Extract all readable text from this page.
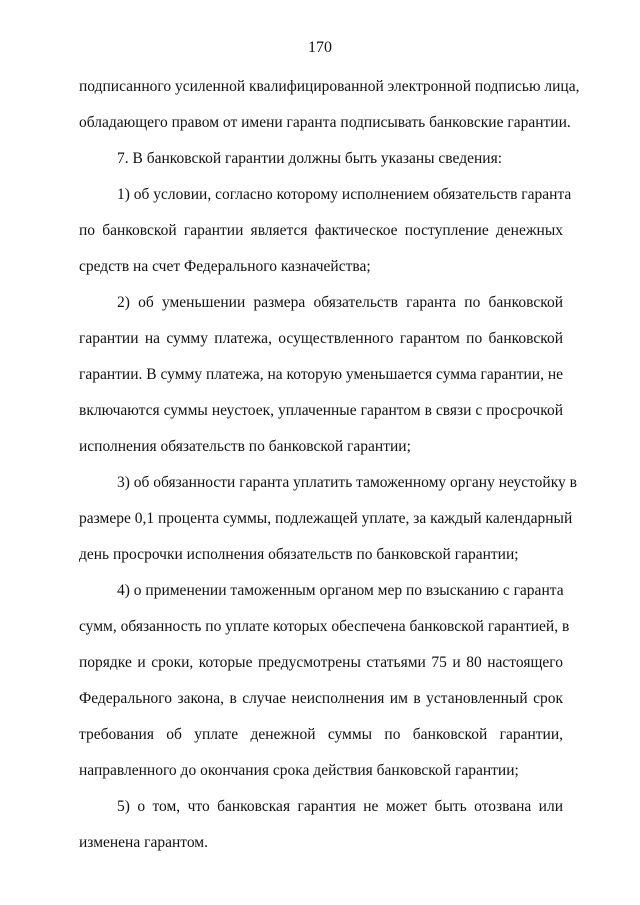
170
подписанного усиленной квалифицированной электронной подписью лица,
обладающего правом от имени гаранта подписывать банковские гарантии.
7. В банковской гарантии должны быть указаны сведения:
1) об условии, согласно которому исполнением обязательств гаранта
по банковской гарантии является фактическое поступление денежных
средств на счет Федерального казначейства;
2) об уменьшении размера обязательств гаранта по банковской
гарантии на сумму платежа, осуществленного гарантом по банковской
гарантии. В сумму платежа, на которую уменьшается сумма гарантии, не
включаются суммы неустоек, уплаченные гарантом в связи с просрочкой
исполнения обязательств по банковской гарантии;
3) об обязанности гаранта уплатить таможенному органу неустойку в
размере 0,1 процента суммы, подлежащей уплате, за каждый календарный
день просрочки исполнения обязательств по банковской гарантии;
4) о применении таможенным органом мер по взысканию с гаранта
сумм, обязанность по уплате которых обеспечена банковской гарантией, в
порядке и сроки, которые предусмотрены статьями 75 и 80 настоящего
Федерального закона, в случае неисполнения им в установленный срок
требования об уплате денежной суммы по банковской гарантии,
направленного до окончания срока действия банковской гарантии;
5) о том, что банковская гарантия не может быть отозвана или
изменена гарантом.
